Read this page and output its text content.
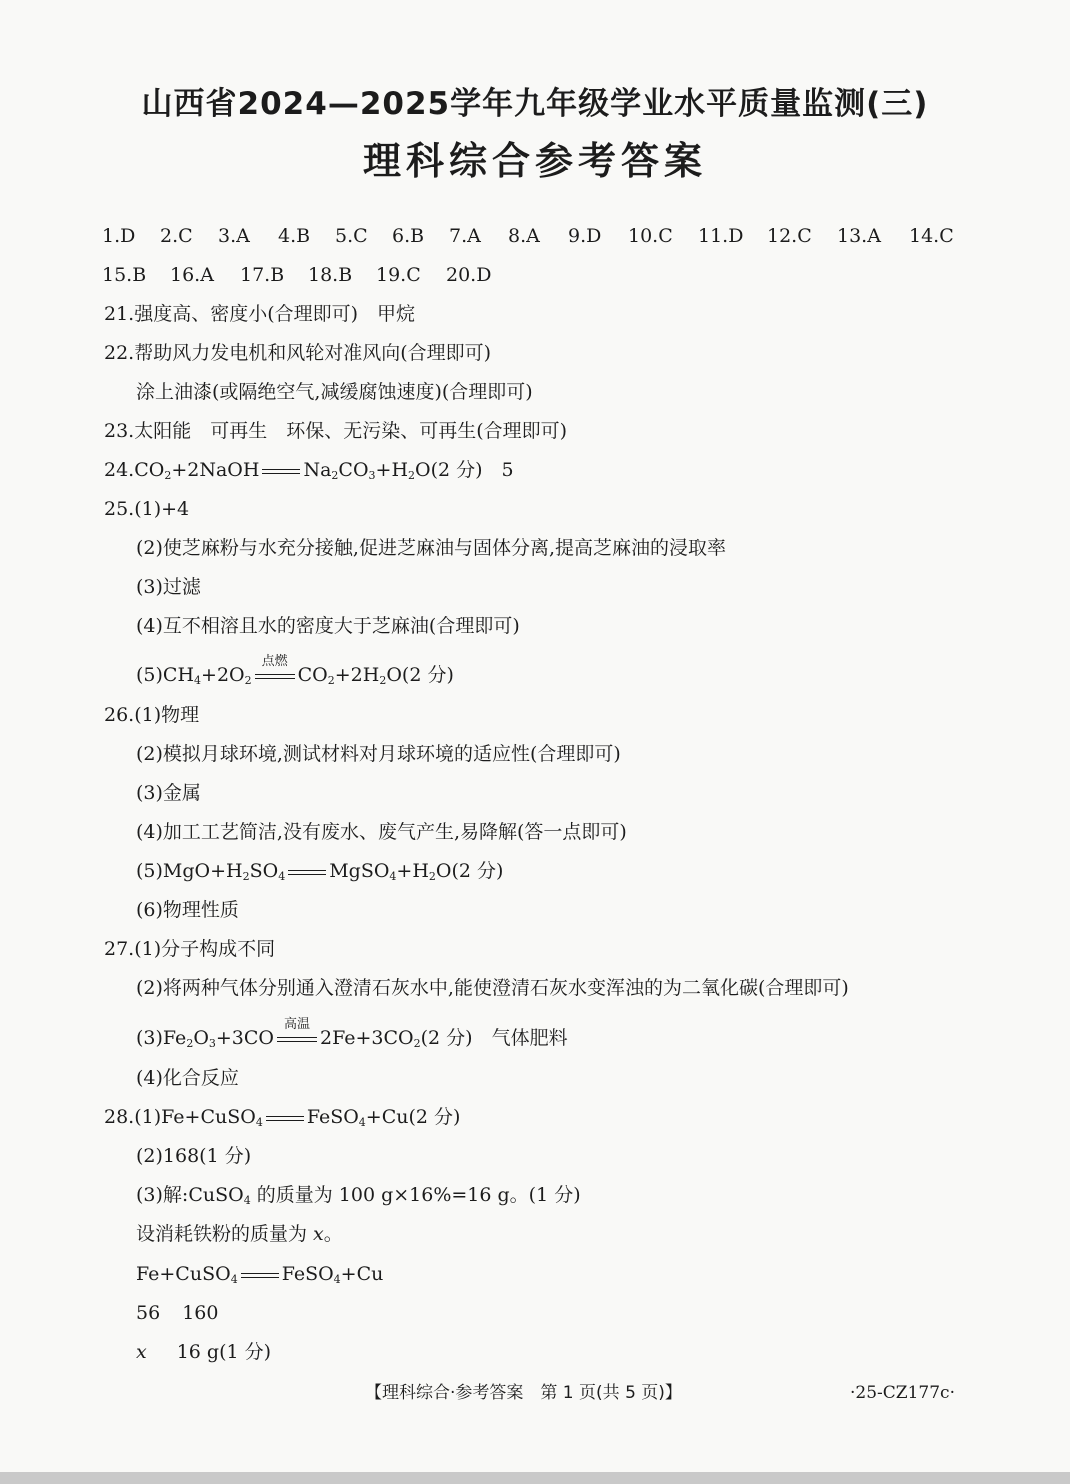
山西省2024—2025学年九年级学业水平质量监测(三)
理科综合参考答案
1.D 2.C 3.A 4.B 5.C 6.B 7.A 8.A 9.D 10.C 11.D 12.C 13.A 14.C
15.B 16.A 17.B 18.B 19.C 20.D
21.强度高、密度小(合理即可)　甲烷
22.帮助风力发电机和风轮对准风向(合理即可)
涂上油漆(或隔绝空气,减缓腐蚀速度)(合理即可)
23.太阳能　可再生　环保、无污染、可再生(合理即可)
$24.CO_2+2NaOH$ $Na_2CO_3+H_2O(2$ 分)　5
25.(1)+4
(2)使芝麻粉与水充分接触,促进芝麻油与固体分离,提高芝麻油的浸取率
(3)过滤
(4)互不相溶且水的密度大于芝麻油(合理即可)
$(5)CH_4+2O_2$
点燃
$CO_2+2H_2O(2$ 分)
26.(1)物理
(2)模拟月球环境,测试材料对月球环境的适应性(合理即可)
(3)金属
(4)加工工艺简洁,没有废水、废气产生,易降解(答一点即可)
$(5)MgO+H_2SO_4$ $MgSO_4+H_2O(2$ 分)
(6)物理性质
27.(1)分子构成不同
(2)将两种气体分别通入澄清石灰水中,能使澄清石灰水变浑浊的为二氧化碳(合理即可)
$(3)Fe_2O_3+3CO$
高温
$2Fe+3CO_2(2$ 分)　气体肥料
(4)化合反应
28.(1)Fe+CuSO$_4$ FeSO$_4$+Cu(2 分)
(2)168(1 分)
(3)解:CuSO$_4$ 的质量为 100 g×16%=16 g。(1 分)
设消耗铁粉的质量为 x。
Fe+CuSO$_4$ FeSO$_4$+Cu
56 160
x 16 g(1 分)
【理科综合·参考答案　第 1 页(共 5 页)】	·25-CZ177c·
